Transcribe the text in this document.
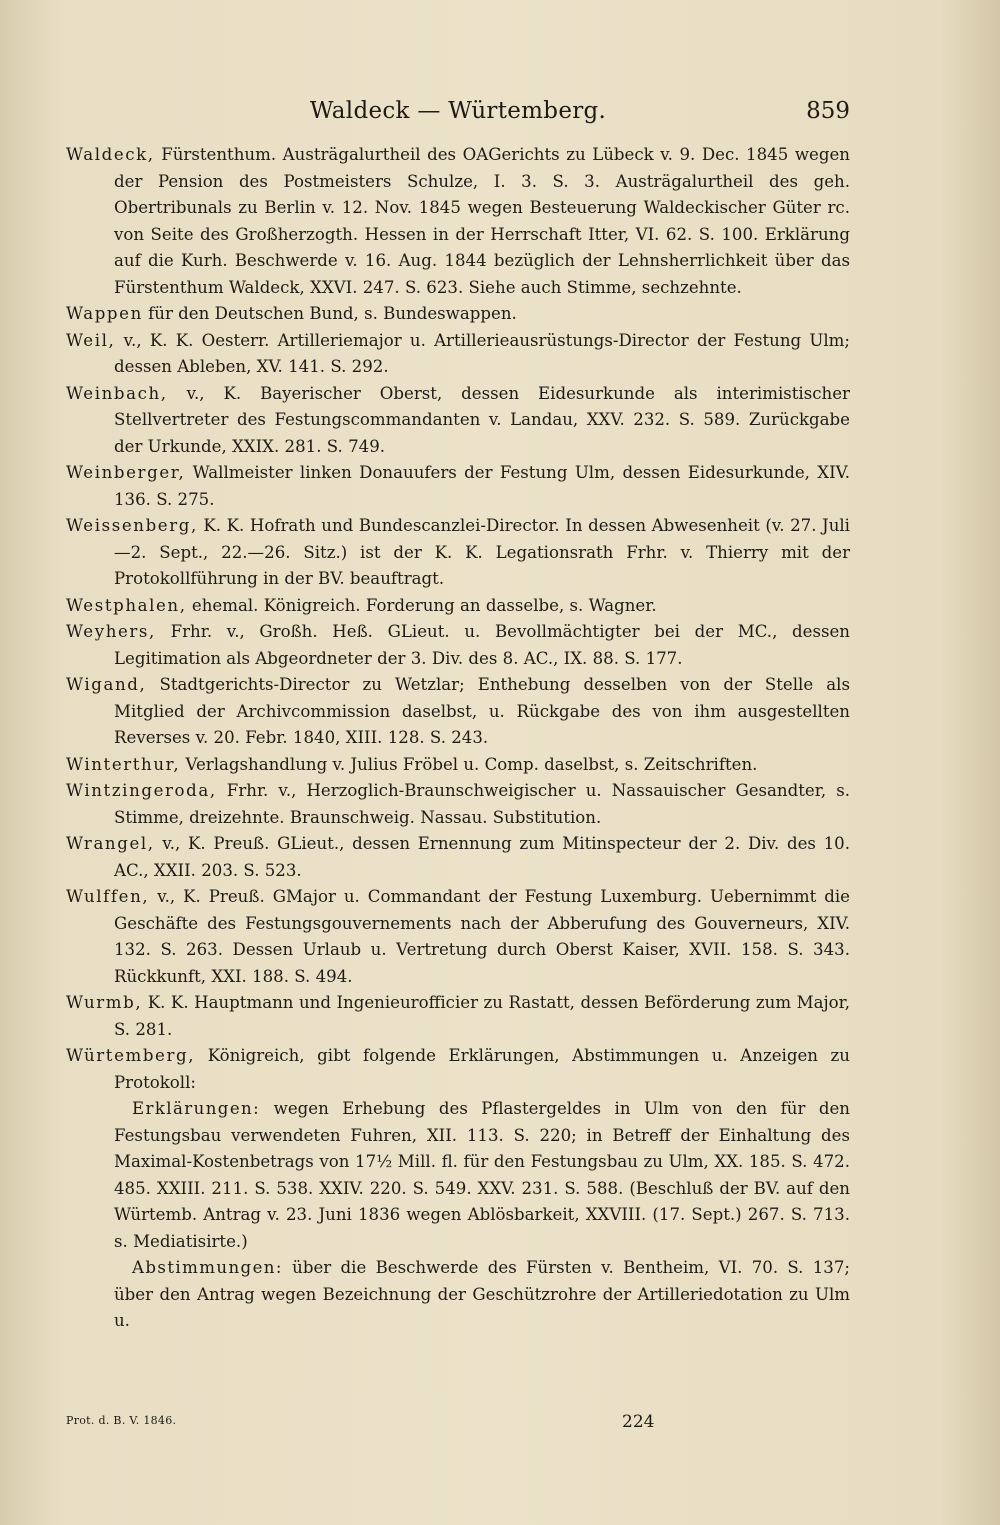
Waldeck — Würtemberg.	859

Waldeck, Fürstenthum. Austrägalurtheil des OAGerichts zu Lübeck v. 9. Dec. 1845 wegen der Pension des Postmeisters Schulze, I. 3. S. 3. Austrägalurtheil des geh. Obertribunals zu Berlin v. 12. Nov. 1845 wegen Besteuerung Waldeckischer Güter rc. von Seite des Großherzogth. Hessen in der Herrschaft Itter, VI. 62. S. 100. Erklärung auf die Kurh. Beschwerde v. 16. Aug. 1844 bezüglich der Lehnsherrlichkeit über das Fürstenthum Waldeck, XXVI. 247. S. 623. Siehe auch Stimme, sechzehnte.

Wappen für den Deutschen Bund, s. Bundeswappen.

Weil, v., K. K. Oesterr. Artilleriemajor u. Artillerieausrüstungs-Director der Festung Ulm; dessen Ableben, XV. 141. S. 292.

Weinbach, v., K. Bayerischer Oberst, dessen Eidesurkunde als interimistischer Stellvertreter des Festungscommandanten v. Landau, XXV. 232. S. 589. Zurückgabe der Urkunde, XXIX. 281. S. 749.

Weinberger, Wallmeister linken Donauufers der Festung Ulm, dessen Eidesurkunde, XIV. 136. S. 275.

Weissenberg, K. K. Hofrath und Bundescanzlei-Director. In dessen Abwesenheit (v. 27. Juli—2. Sept., 22.—26. Sitz.) ist der K. K. Legationsrath Frhr. v. Thierry mit der Protokollführung in der BV. beauftragt.

Westphalen, ehemal. Königreich. Forderung an dasselbe, s. Wagner.

Weyhers, Frhr. v., Großh. Heß. GLieut. u. Bevollmächtigter bei der MC., dessen Legitimation als Abgeordneter der 3. Div. des 8. AC., IX. 88. S. 177.

Wigand, Stadtgerichts-Director zu Wetzlar; Enthebung desselben von der Stelle als Mitglied der Archivcommission daselbst, u. Rückgabe des von ihm ausgestellten Reverses v. 20. Febr. 1840, XIII. 128. S. 243.

Winterthur, Verlagshandlung v. Julius Fröbel u. Comp. daselbst, s. Zeitschriften.

Wintzingeroda, Frhr. v., Herzoglich-Braunschweigischer u. Nassauischer Gesandter, s. Stimme, dreizehnte. Braunschweig. Nassau. Substitution.

Wrangel, v., K. Preuß. GLieut., dessen Ernennung zum Mitinspecteur der 2. Div. des 10. AC., XXII. 203. S. 523.

Wulffen, v., K. Preuß. GMajor u. Commandant der Festung Luxemburg. Uebernimmt die Geschäfte des Festungsgouvernements nach der Abberufung des Gouverneurs, XIV. 132. S. 263. Dessen Urlaub u. Vertretung durch Oberst Kaiser, XVII. 158. S. 343. Rückkunft, XXI. 188. S. 494.

Wurmb, K. K. Hauptmann und Ingenieurofficier zu Rastatt, dessen Beförderung zum Major, S. 281.

Würtemberg, Königreich, gibt folgende Erklärungen, Abstimmungen u. Anzeigen zu Protokoll:

Erklärungen: wegen Erhebung des Pflastergeldes in Ulm von den für den Festungsbau verwendeten Fuhren, XII. 113. S. 220; in Betreff der Einhaltung des Maximal-Kostenbetrags von 17½ Mill. fl. für den Festungsbau zu Ulm, XX. 185. S. 472. 485. XXIII. 211. S. 538. XXIV. 220. S. 549. XXV. 231. S. 588. (Beschluß der BV. auf den Würtemb. Antrag v. 23. Juni 1836 wegen Ablösbarkeit, XXVIII. (17. Sept.) 267. S. 713. s. Mediatisirte.)

Abstimmungen: über die Beschwerde des Fürsten v. Bentheim, VI. 70. S. 137; über den Antrag wegen Bezeichnung der Geschützrohre der Artilleriedotation zu Ulm u.

Prot. d. B. V. 1846.	224
